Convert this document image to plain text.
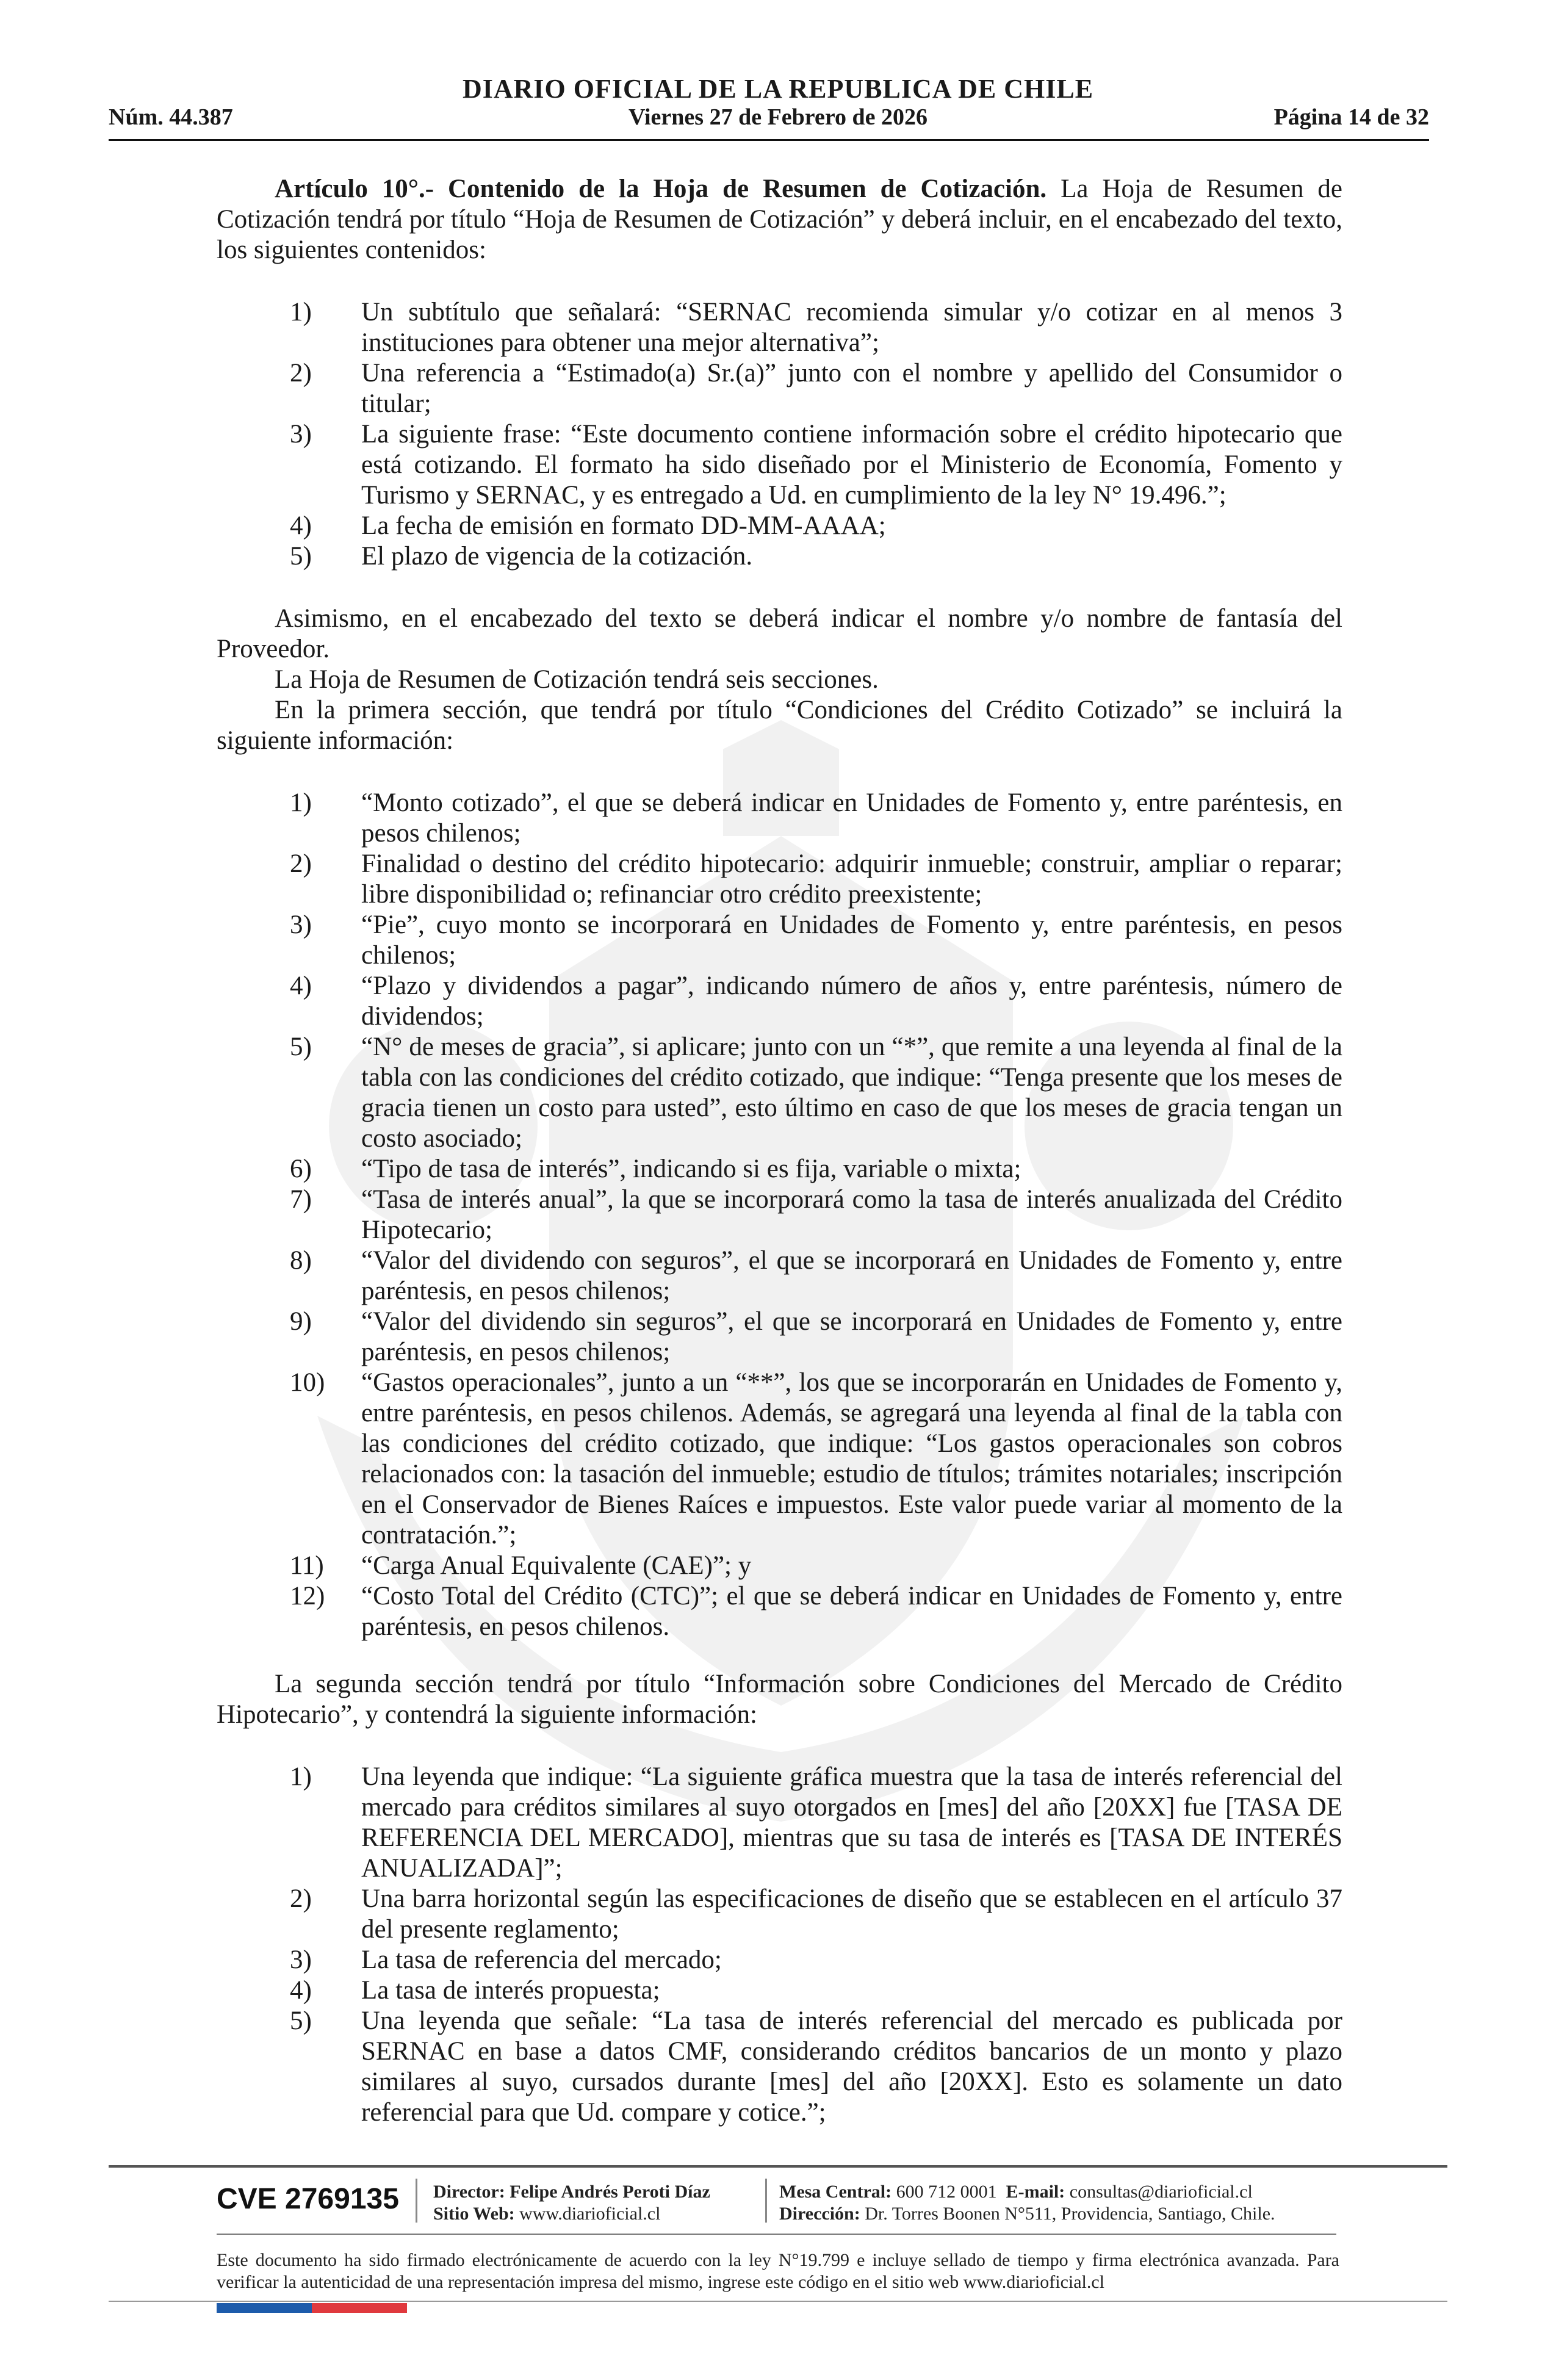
DIARIO OFICIAL DE LA REPUBLICA DE CHILE
Núm. 44.387	Viernes 27 de Febrero de 2026	Página 14 de 32

Artículo 10°.- Contenido de la Hoja de Resumen de Cotización. La Hoja de Resumen de Cotización tendrá por título “Hoja de Resumen de Cotización” y deberá incluir, en el encabezado del texto, los siguientes contenidos:

1) Un subtítulo que señalará: “SERNAC recomienda simular y/o cotizar en al menos 3 instituciones para obtener una mejor alternativa”;
2) Una referencia a “Estimado(a) Sr.(a)” junto con el nombre y apellido del Consumidor o titular;
3) La siguiente frase: “Este documento contiene información sobre el crédito hipotecario que está cotizando. El formato ha sido diseñado por el Ministerio de Economía, Fomento y Turismo y SERNAC, y es entregado a Ud. en cumplimiento de la ley N° 19.496.”;
4) La fecha de emisión en formato DD-MM-AAAA;
5) El plazo de vigencia de la cotización.

Asimismo, en el encabezado del texto se deberá indicar el nombre y/o nombre de fantasía del Proveedor.

La Hoja de Resumen de Cotización tendrá seis secciones.

En la primera sección, que tendrá por título “Condiciones del Crédito Cotizado” se incluirá la siguiente información:

1) “Monto cotizado”, el que se deberá indicar en Unidades de Fomento y, entre paréntesis, en pesos chilenos;
2) Finalidad o destino del crédito hipotecario: adquirir inmueble; construir, ampliar o reparar; libre disponibilidad o; refinanciar otro crédito preexistente;
3) “Pie”, cuyo monto se incorporará en Unidades de Fomento y, entre paréntesis, en pesos chilenos;
4) “Plazo y dividendos a pagar”, indicando número de años y, entre paréntesis, número de dividendos;
5) “N° de meses de gracia”, si aplicare; junto con un “*”, que remite a una leyenda al final de la tabla con las condiciones del crédito cotizado, que indique: “Tenga presente que los meses de gracia tienen un costo para usted”, esto último en caso de que los meses de gracia tengan un costo asociado;
6) “Tipo de tasa de interés”, indicando si es fija, variable o mixta;
7) “Tasa de interés anual”, la que se incorporará como la tasa de interés anualizada del Crédito Hipotecario;
8) “Valor del dividendo con seguros”, el que se incorporará en Unidades de Fomento y, entre paréntesis, en pesos chilenos;
9) “Valor del dividendo sin seguros”, el que se incorporará en Unidades de Fomento y, entre paréntesis, en pesos chilenos;
10) “Gastos operacionales”, junto a un “**”, los que se incorporarán en Unidades de Fomento y, entre paréntesis, en pesos chilenos. Además, se agregará una leyenda al final de la tabla con las condiciones del crédito cotizado, que indique: “Los gastos operacionales son cobros relacionados con: la tasación del inmueble; estudio de títulos; trámites notariales; inscripción en el Conservador de Bienes Raíces e impuestos. Este valor puede variar al momento de la contratación.”;
11) “Carga Anual Equivalente (CAE)”; y
12) “Costo Total del Crédito (CTC)”; el que se deberá indicar en Unidades de Fomento y, entre paréntesis, en pesos chilenos.

La segunda sección tendrá por título “Información sobre Condiciones del Mercado de Crédito Hipotecario”, y contendrá la siguiente información:

1) Una leyenda que indique: “La siguiente gráfica muestra que la tasa de interés referencial del mercado para créditos similares al suyo otorgados en [mes] del año [20XX] fue [TASA DE REFERENCIA DEL MERCADO], mientras que su tasa de interés es [TASA DE INTERÉS ANUALIZADA]”;
2) Una barra horizontal según las especificaciones de diseño que se establecen en el artículo 37 del presente reglamento;
3) La tasa de referencia del mercado;
4) La tasa de interés propuesta;
5) Una leyenda que señale: “La tasa de interés referencial del mercado es publicada por SERNAC en base a datos CMF, considerando créditos bancarios de un monto y plazo similares al suyo, cursados durante [mes] del año [20XX]. Esto es solamente un dato referencial para que Ud. compare y cotice.”;
CVE 2769135 Director: Felipe Andrés Peroti Díaz
Sitio Web: www.diarioficial.cl
Mesa Central: 600 712 0001 E-mail: consultas@diarioficial.cl
Dirección: Dr. Torres Boonen N°511, Providencia, Santiago, Chile.
Este documento ha sido firmado electrónicamente de acuerdo con la ley N°19.799 e incluye sellado de tiempo y firma electrónica avanzada. Para verificar la autenticidad de una representación impresa del mismo, ingrese este código en el sitio web www.diarioficial.cl
